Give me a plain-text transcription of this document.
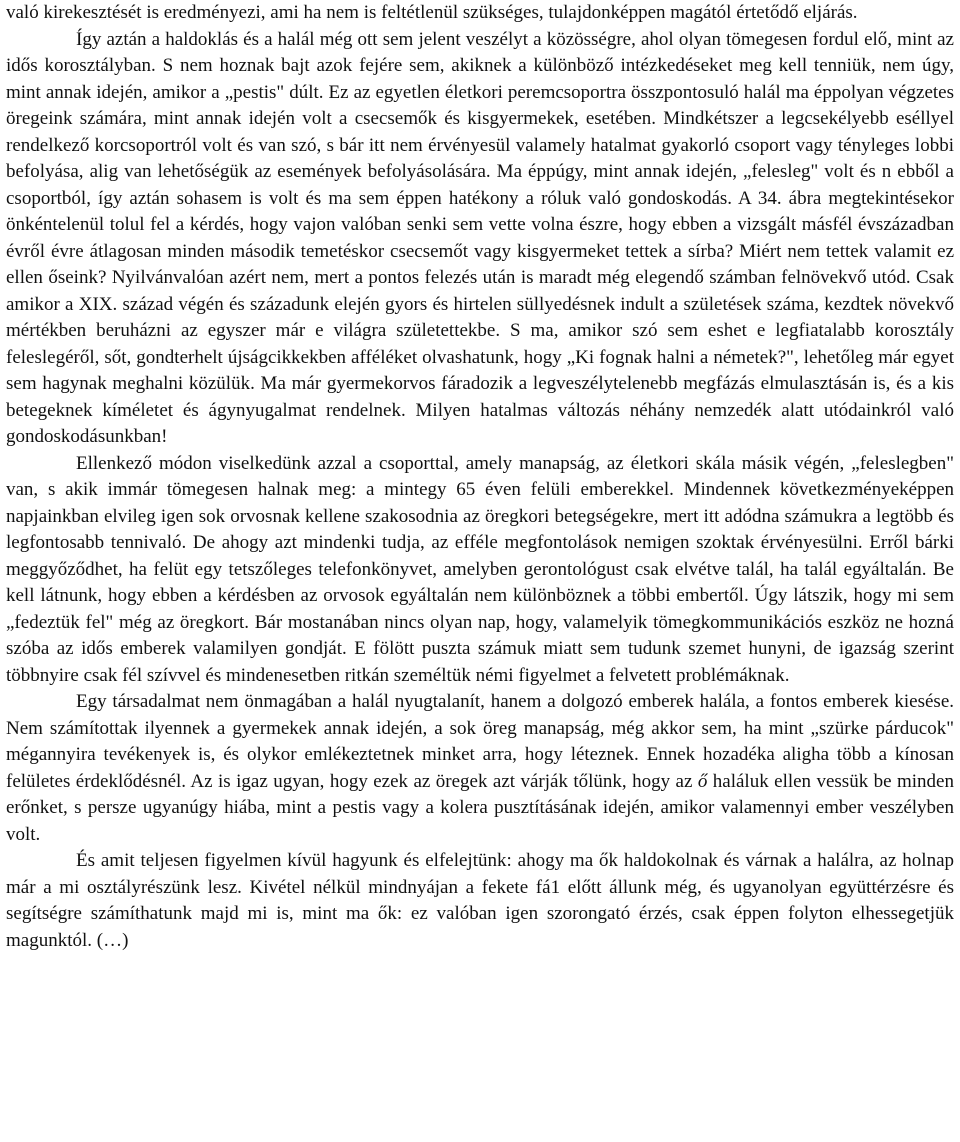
való kirekesztését is eredményezi, ami ha nem is feltétlenül szükséges, tulajdonképpen magától értetődő eljárás.

Így aztán a haldoklás és a halál még ott sem jelent veszélyt a közösségre, ahol olyan tömegesen fordul elő, mint az idős korosztályban. S nem hoznak bajt azok fejére sem, akiknek a különböző intézkedéseket meg kell tenniük, nem úgy, mint annak idején, amikor a „pestis" dúlt. Ez az egyetlen életkori peremcsoportra összpontosuló halál ma éppolyan végzetes öregeink számára, mint annak idején volt a csecsemők és kisgyermekek, esetében. Mindkétszer a legcsekélyebb eséllyel rendelkező korcsoportról volt és van szó, s bár itt nem érvényesül valamely hatalmat gyakorló csoport vagy tényleges lobbi befolyása, alig van lehetőségük az események befolyásolására. Ma éppúgy, mint annak idején, „felesleg" volt és n ebből a csoportból, így aztán sohasem is volt és ma sem éppen hatékony a róluk való gondoskodás. A 34. ábra megtekintésekor önkéntelenül tolul fel a kérdés, hogy vajon valóban senki sem vette volna észre, hogy ebben a vizsgált másfél évszázadban évről évre átlagosan minden második temetéskor csecsemőt vagy kisgyermeket tettek a sírba? Miért nem tettek valamit ez ellen őseink? Nyilvánvalóan azért nem, mert a pontos felezés után is maradt még elegendő számban felnövekvő utód. Csak amikor a XIX. század végén és századunk elején gyors és hirtelen süllyedésnek indult a születések száma, kezdtek növekvő mértékben beruházni az egyszer már e világra születettekbe. S ma, amikor szó sem eshet e legfiatalabb korosztály feleslegéről, sőt, gondterhelt újságcikkekben afféléket olvashatunk, hogy „Ki fognak halni a németek?", lehetőleg már egyet sem hagynak meghalni közülük. Ma már gyermekorvos fáradozik a legveszélytelenebb megfázás elmulasztásán is, és a kis betegeknek kíméletet és ágynyugalmat rendelnek. Milyen hatalmas változás néhány nemzedék alatt utódainkról való gondoskodásunkban!

Ellenkező módon viselkedünk azzal a csoporttal, amely manapság, az életkori skála másik végén, „feleslegben" van, s akik immár tömegesen halnak meg: a mintegy 65 éven felüli emberekkel. Mindennek következményeképpen napjainkban elvileg igen sok orvosnak kellene szakosodnia az öregkori betegségekre, mert itt adódna számukra a legtöbb és legfontosabb tennivaló. De ahogy azt mindenki tudja, az efféle megfontolások nemigen szoktak érvényesülni. Erről bárki meggyőződhet, ha felüt egy tetszőleges telefonkönyvet, amelyben gerontológust csak elvétve talál, ha talál egyáltalán. Be kell látnunk, hogy ebben a kérdésben az orvosok egyáltalán nem különböznek a többi embertől. Úgy látszik, hogy mi sem „fedeztük fel" még az öregkort. Bár mostanában nincs olyan nap, hogy, valamelyik tömegkommunikációs eszköz ne hozná szóba az idős emberek valamilyen gondját. E fölött puszta számuk miatt sem tudunk szemet hunyni, de igazság szerint többnyire csak fél szívvel és mindenesetben ritkán személtük némi figyelmet a felvetett problémáknak.

Egy társadalmat nem önmagában a halál nyugtalanít, hanem a dolgozó emberek halála, a fontos emberek kiesése. Nem számítottak ilyennek a gyermekek annak idején, a sok öreg manapság, még akkor sem, ha mint „szürke párducok" mégannyira tevékenyek is, és olykor emlékeztetnek minket arra, hogy léteznek. Ennek hozadéka aligha több a kínosan felületes érdeklődésnél. Az is igaz ugyan, hogy ezek az öregek azt várják tőlünk, hogy az ő haláluk ellen vessük be minden erőnket, s persze ugyanúgy hiába, mint a pestis vagy a kolera pusztításának idején, amikor valamennyi ember veszélyben volt.

És amit teljesen figyelmen kívül hagyunk és elfelejtünk: ahogy ma ők haldokolnak és várnak a halálra, az holnap már a mi osztályrészünk lesz. Kivétel nélkül mindnyájan a fekete fá1 előtt állunk még, és ugyanolyan együttérzésre és segítségre számíthatunk majd mi is, mint ma ők: ez valóban igen szorongató érzés, csak éppen folyton elhessegetjük magunktól. (…)
